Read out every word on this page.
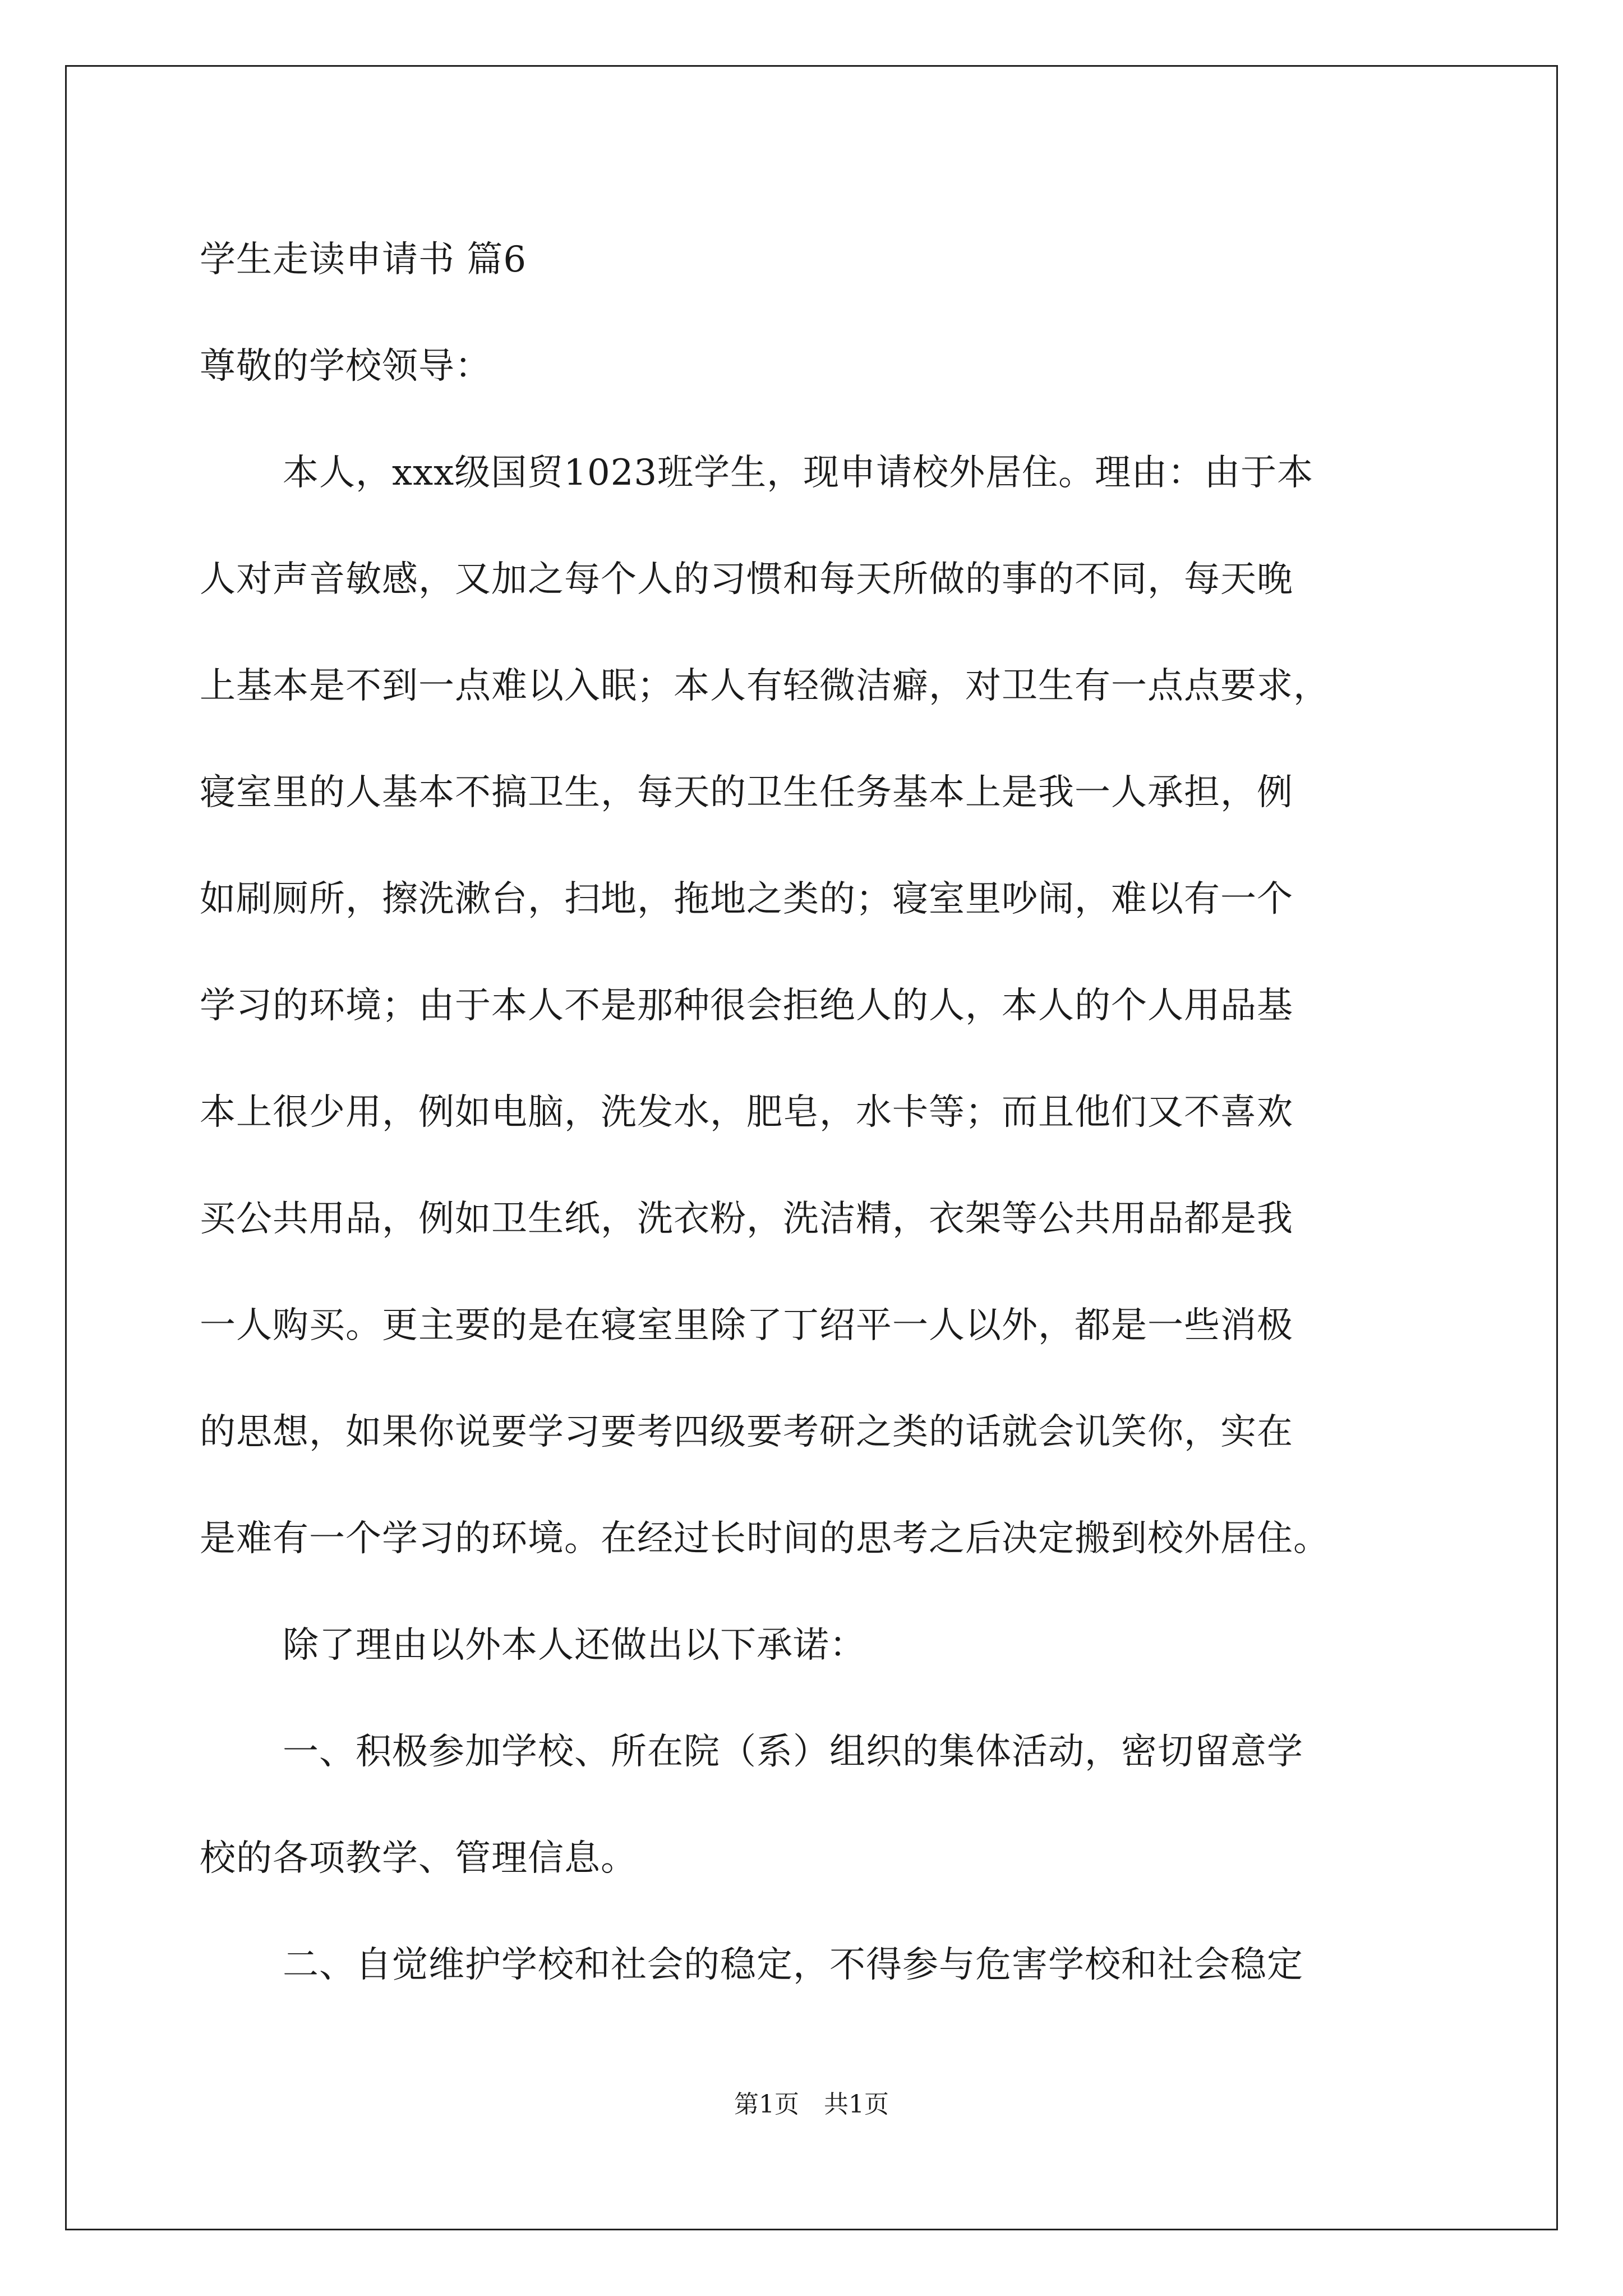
学生走读申请书 篇6
尊敬的学校领导：
本人，xxx级国贸1023班学生，现申请校外居住。理由：由于本
人对声音敏感，又加之每个人的习惯和每天所做的事的不同，每天晚
上基本是不到一点难以入眠；本人有轻微洁癖，对卫生有一点点要求，
寝室里的人基本不搞卫生，每天的卫生任务基本上是我一人承担，例
如刷厕所，擦洗漱台，扫地，拖地之类的；寝室里吵闹，难以有一个
学习的环境；由于本人不是那种很会拒绝人的人，本人的个人用品基
本上很少用，例如电脑，洗发水，肥皂，水卡等；而且他们又不喜欢
买公共用品，例如卫生纸，洗衣粉，洗洁精，衣架等公共用品都是我
一人购买。更主要的是在寝室里除了丁绍平一人以外，都是一些消极
的思想，如果你说要学习要考四级要考研之类的话就会讥笑你，实在
是难有一个学习的环境。在经过长时间的思考之后决定搬到校外居住。
除了理由以外本人还做出以下承诺：
一、积极参加学校、所在院（系）组织的集体活动，密切留意学
校的各项教学、管理信息。
二、自觉维护学校和社会的稳定，不得参与危害学校和社会稳定
第1页　共1页
